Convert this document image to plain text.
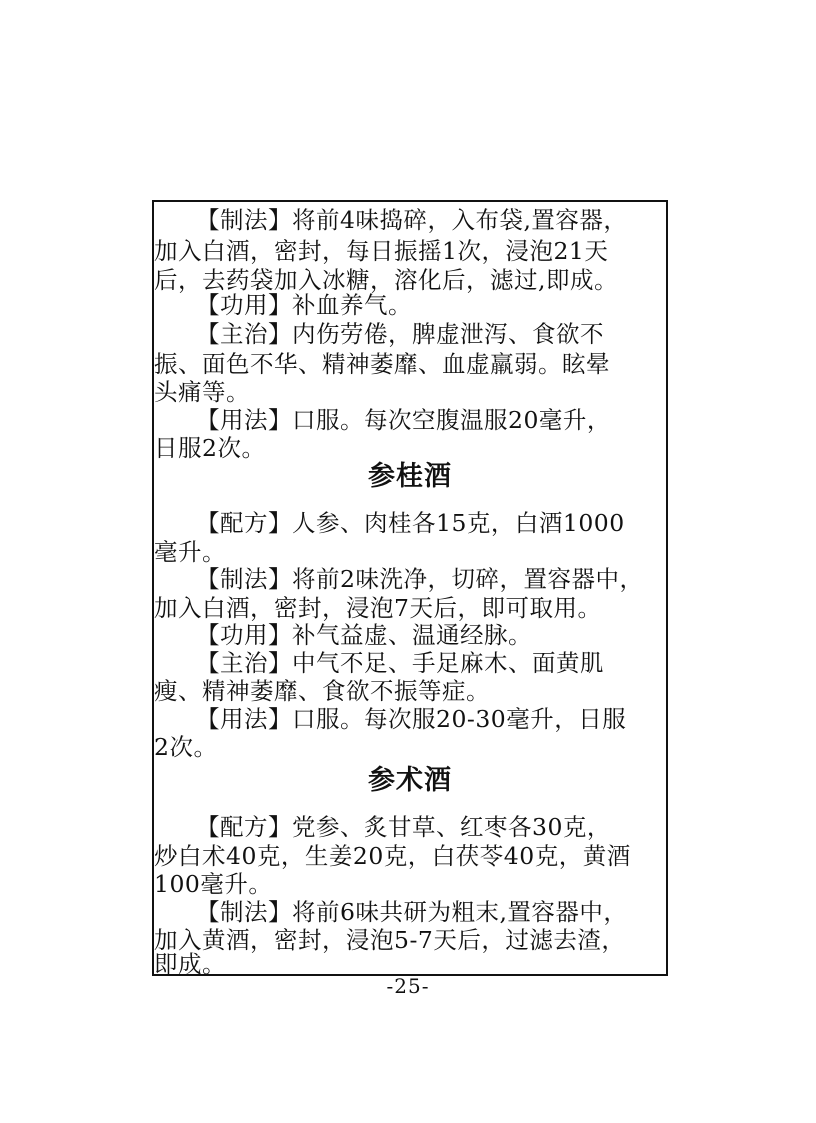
【制法】将前4味捣碎，入布袋,置容器，
加入白酒，密封，每日振摇1次，浸泡21天
后，去药袋加入冰糖，溶化后，滤过,即成。
【功用】补血养气。
【主治】内伤劳倦，脾虚泄泻、食欲不
振、面色不华、精神萎靡、血虚羸弱。眩晕
头痛等。
【用法】口服。每次空腹温服20毫升，
日服2次。
参桂酒
【配方】人参、肉桂各15克，白酒1000
毫升。
【制法】将前2味洗净，切碎，置容器中，
加入白酒，密封，浸泡7天后，即可取用。
【功用】补气益虚、温通经脉。
【主治】中气不足、手足麻木、面黄肌
瘦、精神萎靡、食欲不振等症。
【用法】口服。每次服20-30毫升，日服
2次。
参术酒
【配方】党参、炙甘草、红枣各30克，
炒白术40克，生姜20克，白茯苓40克，黄酒
100毫升。
【制法】将前6味共研为粗末,置容器中，
加入黄酒，密封，浸泡5-7天后，过滤去渣，
即成。
-25-
